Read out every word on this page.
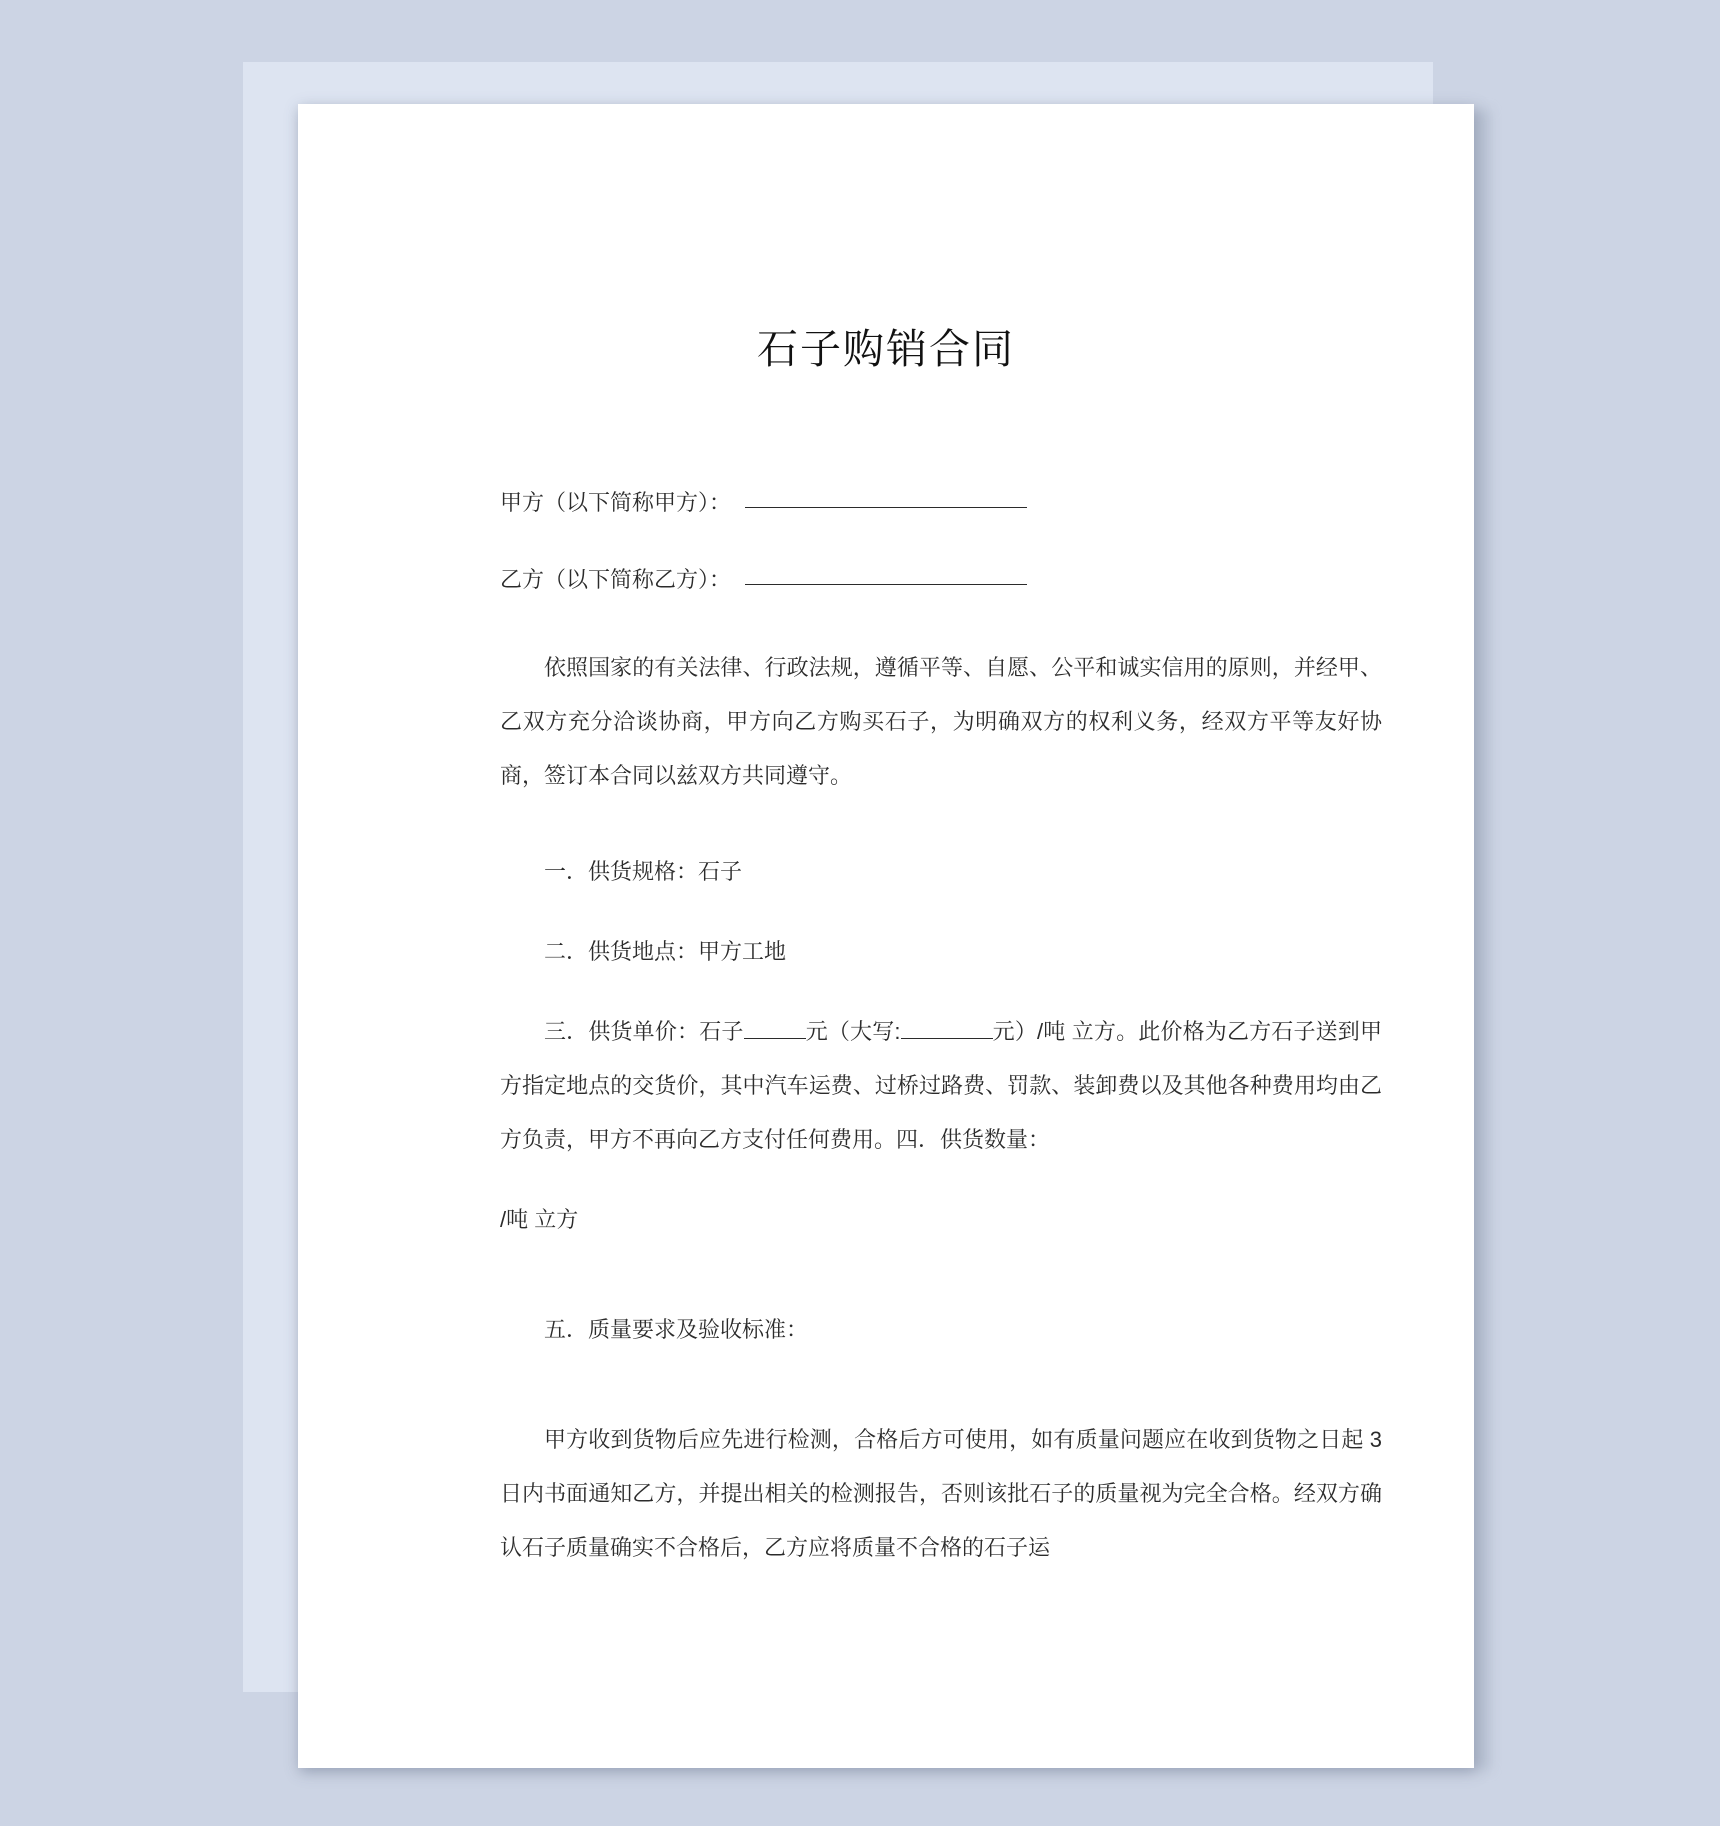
石子购销合同
甲方（以下简称甲方）：
乙方（以下简称乙方）：

依照国家的有关法律、行政法规，遵循平等、自愿、公平和诚实信用的原则，并经甲、乙双方充分洽谈协商，甲方向乙方购买石子，为明确双方的权利义务，经双方平等友好协商，签订本合同以兹双方共同遵守。

一．供货规格：石子

二．供货地点：甲方工地

三．供货单价：石子	元（大写:	元）/吨 立方。此价格为乙方石子送到甲方指定地点的交货价，其中汽车运费、过桥过路费、罚款、装卸费以及其他各种费用均由乙方负责，甲方不再向乙方支付任何费用。四．供货数量：

/吨 立方

五．质量要求及验收标准：

甲方收到货物后应先进行检测，合格后方可使用，如有质量问题应在收到货物之日起 3 日内书面通知乙方，并提出相关的检测报告，否则该批石子的质量视为完全合格。经双方确认石子质量确实不合格后，乙方应将质量不合格的石子运
